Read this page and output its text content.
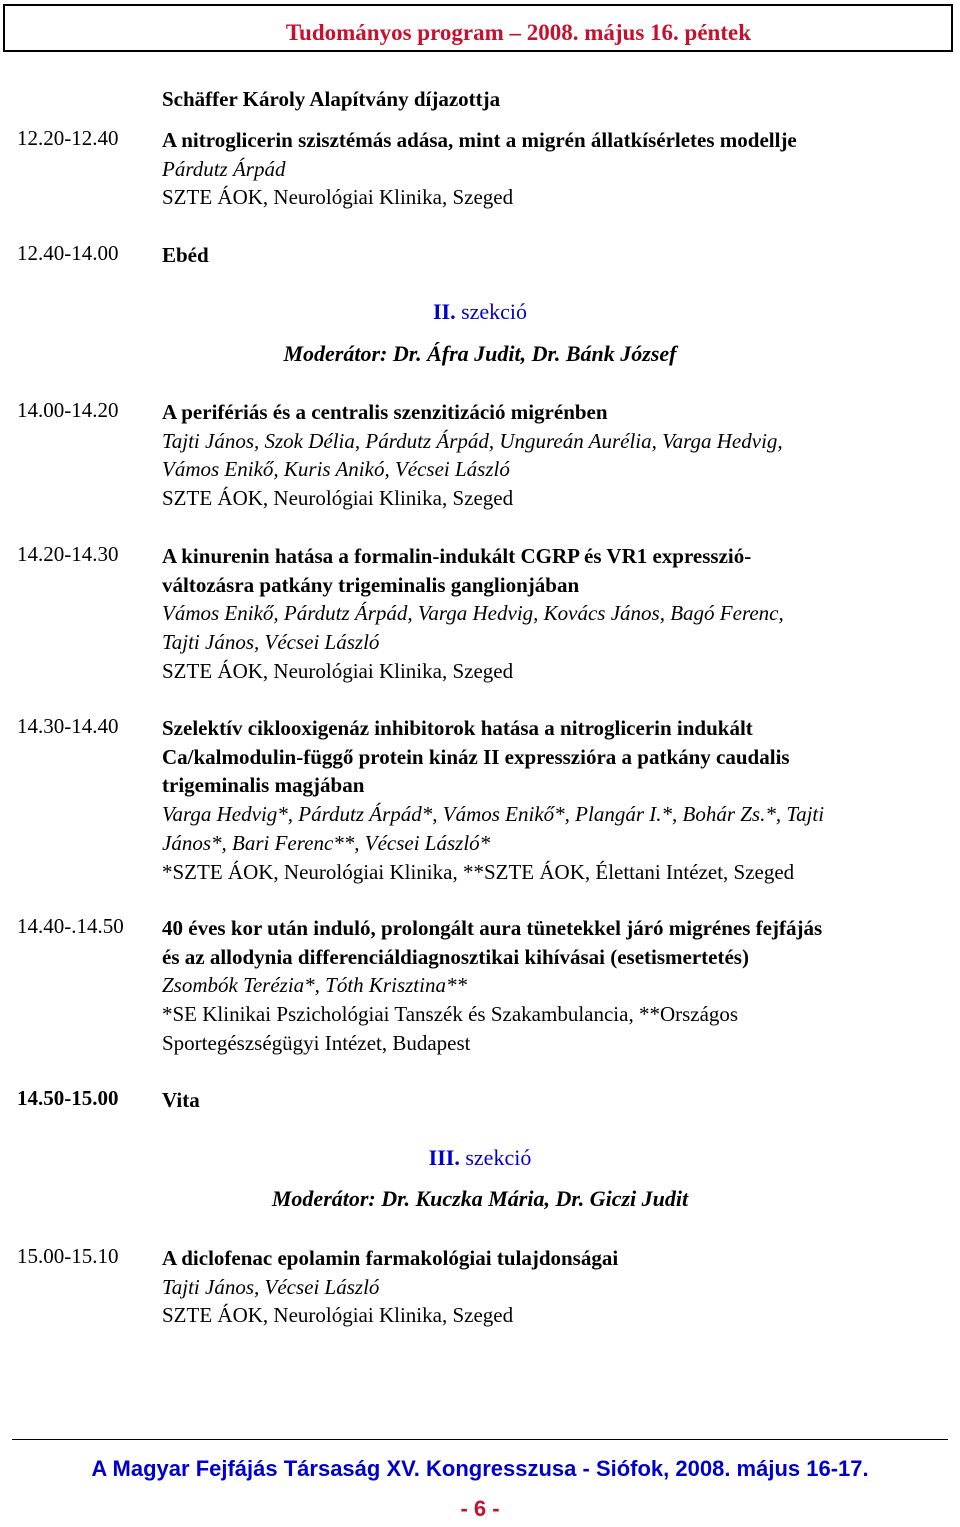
Tudományos program – 2008. május 16. péntek
Schäffer Károly Alapítvány díjazottja
12.20-12.40 A nitroglicerin szisztémás adása, mint a migrén állatkísérletes modellje
Párdutz Árpád
SZTE ÁOK, Neurológiai Klinika, Szeged
12.40-14.00 Ebéd
II. szekció
Moderátor: Dr. Áfra Judit, Dr. Bánk József
14.00-14.20 A perifériás és a centralis szenzitizáció migrénben
Tajti János, Szok Délia, Párdutz Árpád, Ungureán Aurélia, Varga Hedvig,
Vámos Enikő, Kuris Anikó, Vécsei László
SZTE ÁOK, Neurológiai Klinika, Szeged
14.20-14.30 A kinurenin hatása a formalin-indukált CGRP és VR1 expresszió-
változásra patkány trigeminalis ganglionjában
Vámos Enikő, Párdutz Árpád, Varga Hedvig, Kovács János, Bagó Ferenc,
Tajti János, Vécsei László
SZTE ÁOK, Neurológiai Klinika, Szeged
14.30-14.40 Szelektív ciklooxigenáz inhibitorok hatása a nitroglicerin indukált
Ca/kalmodulin-függő protein kináz II expresszióra a patkány caudalis
trigeminalis magjában
Varga Hedvig*, Párdutz Árpád*, Vámos Enikő*, Plangár I.*, Bohár Zs.*, Tajti
János*, Bari Ferenc**, Vécsei László*
*SZTE ÁOK, Neurológiai Klinika, **SZTE ÁOK, Élettani Intézet, Szeged
14.40-.14.50 40 éves kor után induló, prolongált aura tünetekkel járó migrénes fejfájás
és az allodynia differenciáldiagnosztikai kihívásai (esetismertetés)
Zsombók Terézia*, Tóth Krisztina**
*SE Klinikai Pszichológiai Tanszék és Szakambulancia, **Országos
Sportegészségügyi Intézet, Budapest
14.50-15.00 Vita
III. szekció
Moderátor: Dr. Kuczka Mária, Dr. Giczi Judit
15.00-15.10 A diclofenac epolamin farmakológiai tulajdonságai
Tajti János, Vécsei László
SZTE ÁOK, Neurológiai Klinika, Szeged
A Magyar Fejfájás Társaság XV. Kongresszusa - Siófok, 2008. május 16-17.
- 6 -
